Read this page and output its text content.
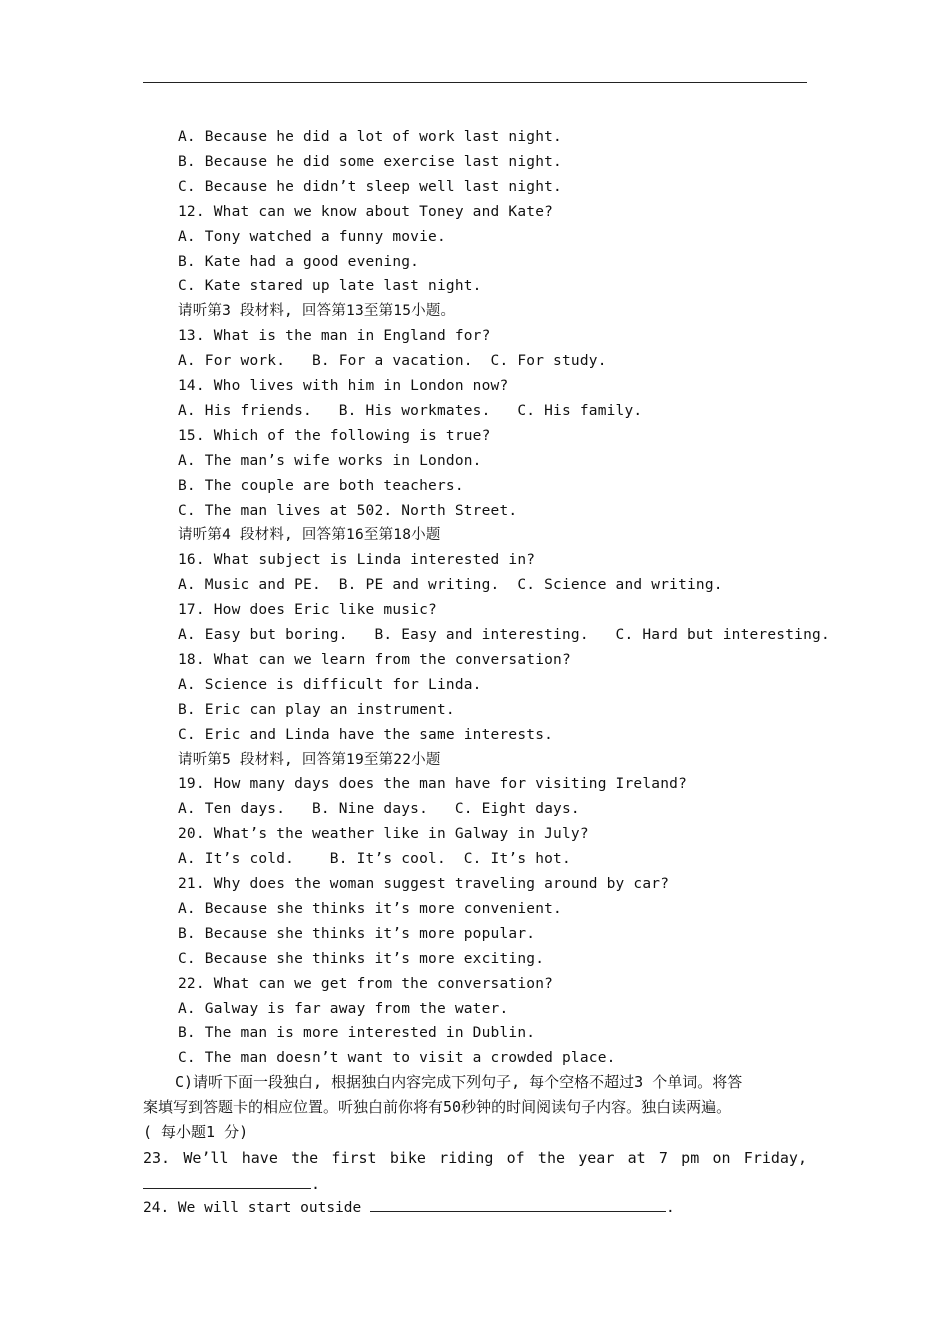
A. Because he did a lot of work last night.
B. Because he did some exercise last night.
C. Because he didn’t sleep well last night.
12. What can we know about Toney and Kate?
A. Tony watched a funny movie.
B. Kate had a good evening.
C. Kate stared up late last night.
请听第3 段材料, 回答第13至第15小题。
13. What is the man in England for?
A. For work.   B. For a vacation.  C. For study.
14. Who lives with him in London now?
A. His friends.   B. His workmates.   C. His family.
15. Which of the following is true?
A. The man’s wife works in London.
B. The couple are both teachers.
C. The man lives at 502. North Street.
请听第4 段材料, 回答第16至第18小题
16. What subject is Linda interested in?
A. Music and PE.  B. PE and writing.  C. Science and writing.
17. How does Eric like music?
A. Easy but boring.   B. Easy and interesting.   C. Hard but interesting.
18. What can we learn from the conversation?
A. Science is difficult for Linda.
B. Eric can play an instrument.
C. Eric and Linda have the same interests.
请听第5 段材料, 回答第19至第22小题
19. How many days does the man have for visiting Ireland?
A. Ten days.   B. Nine days.   C. Eight days.
20. What’s the weather like in Galway in July?
A. It’s cold.    B. It’s cool.  C. It’s hot.
21. Why does the woman suggest traveling around by car?
A. Because she thinks it’s more convenient.
B. Because she thinks it’s more popular.
C. Because she thinks it’s more exciting.
22. What can we get from the conversation?
A. Galway is far away from the water.
B. The man is more interested in Dublin.
C. The man doesn’t want to visit a crowded place.
C)请听下面一段独白, 根据独白内容完成下列句子, 每个空格不超过3 个单词。将答
案填写到答题卡的相应位置。听独白前你将有50秒钟的时间阅读句子内容。独白读两遍。
( 每小题1 分)
23. We’ll have the first bike riding of the year at 7 pm on Friday,
.
24. We will start outside	.
